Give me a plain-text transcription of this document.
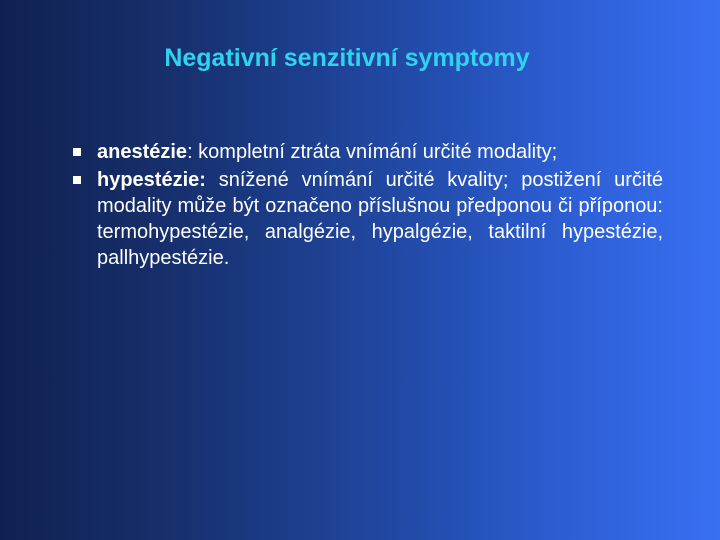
Negativní senzitivní symptomy
anestézie: kompletní ztráta vnímání určité modality;
hypestézie: snížené vnímání určité kvality; postižení určité modality může být označeno příslušnou předponou či příponou: termohypestézie, analgézie, hypalgézie, taktilní hypestézie, pallhypestézie.
